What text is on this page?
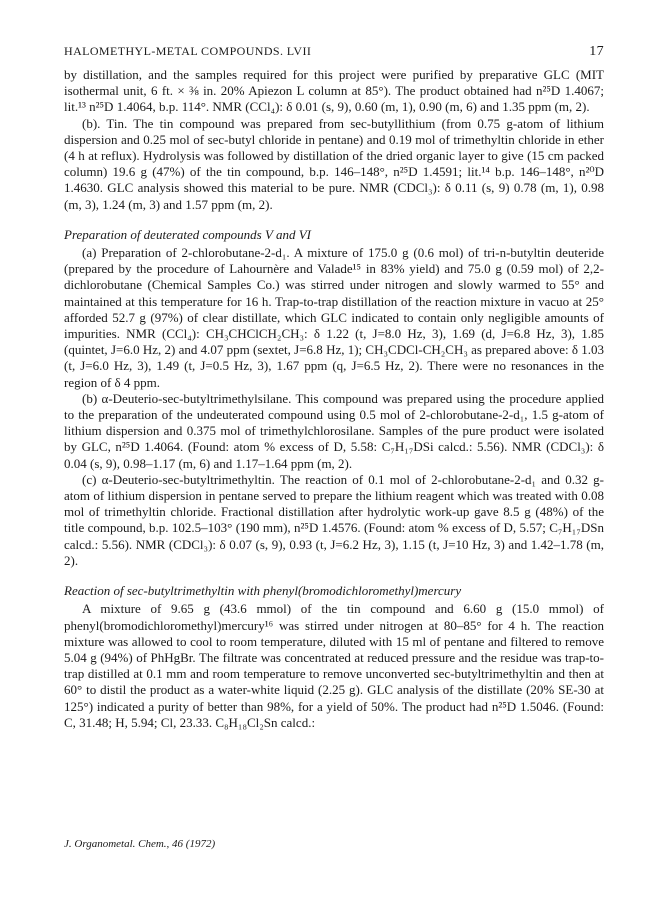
HALOMETHYL-METAL COMPOUNDS. LVII	17

by distillation, and the samples required for this project were purified by preparative GLC (MIT isothermal unit, 6 ft. × ⅜ in. 20% Apiezon L column at 85°). The product obtained had n²⁵D 1.4067; lit.¹³ n²⁵D 1.4064, b.p. 114°. NMR (CCl₄): δ 0.01 (s, 9), 0.60 (m, 1), 0.90 (m, 6) and 1.35 ppm (m, 2).

(b). Tin. The tin compound was prepared from sec-butyllithium (from 0.75 g-atom of lithium dispersion and 0.25 mol of sec-butyl chloride in pentane) and 0.19 mol of trimethyltin chloride in ether (4 h at reflux). Hydrolysis was followed by distillation of the dried organic layer to give (15 cm packed column) 19.6 g (47%) of the tin compound, b.p. 146–148°, n²⁵D 1.4591; lit.¹⁴ b.p. 146–148°, n²⁰D 1.4630. GLC analysis showed this material to be pure. NMR (CDCl₃): δ 0.11 (s, 9) 0.78 (m, 1), 0.98 (m, 3), 1.24 (m, 3) and 1.57 ppm (m, 2).

Preparation of deuterated compounds V and VI

(a) Preparation of 2-chlorobutane-2-d₁. A mixture of 175.0 g (0.6 mol) of tri-n-butyltin deuteride (prepared by the procedure of Lahournère and Valade¹⁵ in 83% yield) and 75.0 g (0.59 mol) of 2,2-dichlorobutane (Chemical Samples Co.) was stirred under nitrogen and slowly warmed to 55° and maintained at this temperature for 16 h. Trap-to-trap distillation of the reaction mixture in vacuo at 25° afforded 52.7 g (97%) of clear distillate, which GLC indicated to contain only negligible amounts of impurities. NMR (CCl₄): CH₃CHClCH₂CH₃: δ 1.22 (t, J=8.0 Hz, 3), 1.69 (d, J=6.8 Hz, 3), 1.85 (quintet, J=6.0 Hz, 2) and 4.07 ppm (sextet, J=6.8 Hz, 1); CH₃CDCl-CH₂CH₃ as prepared above: δ 1.03 (t, J=6.0 Hz, 3), 1.49 (t, J=0.5 Hz, 3), 1.67 ppm (q, J=6.5 Hz, 2). There were no resonances in the region of δ 4 ppm.

(b) α-Deuterio-sec-butyltrimethylsilane. This compound was prepared using the procedure applied to the preparation of the undeuterated compound using 0.5 mol of 2-chlorobutane-2-d₁, 1.5 g-atom of lithium dispersion and 0.375 mol of trimethylchlorosilane. Samples of the pure product were isolated by GLC, n²⁵D 1.4064. (Found: atom % excess of D, 5.58: C₇H₁₇DSi calcd.: 5.56). NMR (CDCl₃): δ 0.04 (s, 9), 0.98–1.17 (m, 6) and 1.17–1.64 ppm (m, 2).

(c) α-Deuterio-sec-butyltrimethyltin. The reaction of 0.1 mol of 2-chlorobutane-2-d₁ and 0.32 g-atom of lithium dispersion in pentane served to prepare the lithium reagent which was treated with 0.08 mol of trimethyltin chloride. Fractional distillation after hydrolytic work-up gave 8.5 g (48%) of the title compound, b.p. 102.5–103° (190 mm), n²⁵D 1.4576. (Found: atom % excess of D, 5.57; C₇H₁₇DSn calcd.: 5.56). NMR (CDCl₃): δ 0.07 (s, 9), 0.93 (t, J=6.2 Hz, 3), 1.15 (t, J=10 Hz, 3) and 1.42–1.78 (m, 2).

Reaction of sec-butyltrimethyltin with phenyl(bromodichloromethyl)mercury

A mixture of 9.65 g (43.6 mmol) of the tin compound and 6.60 g (15.0 mmol) of phenyl(bromodichloromethyl)mercury¹⁶ was stirred under nitrogen at 80–85° for 4 h. The reaction mixture was allowed to cool to room temperature, diluted with 15 ml of pentane and filtered to remove 5.04 g (94%) of PhHgBr. The filtrate was concentrated at reduced pressure and the residue was trap-to-trap distilled at 0.1 mm and room temperature to remove unconverted sec-butyltrimethyltin and then at 60° to distil the product as a water-white liquid (2.25 g). GLC analysis of the distillate (20% SE-30 at 125°) indicated a purity of better than 98%, for a yield of 50%. The product had n²⁵D 1.5046. (Found: C, 31.48; H, 5.94; Cl, 23.33. C₈H₁₈Cl₂Sn calcd.:

J. Organometal. Chem., 46 (1972)
